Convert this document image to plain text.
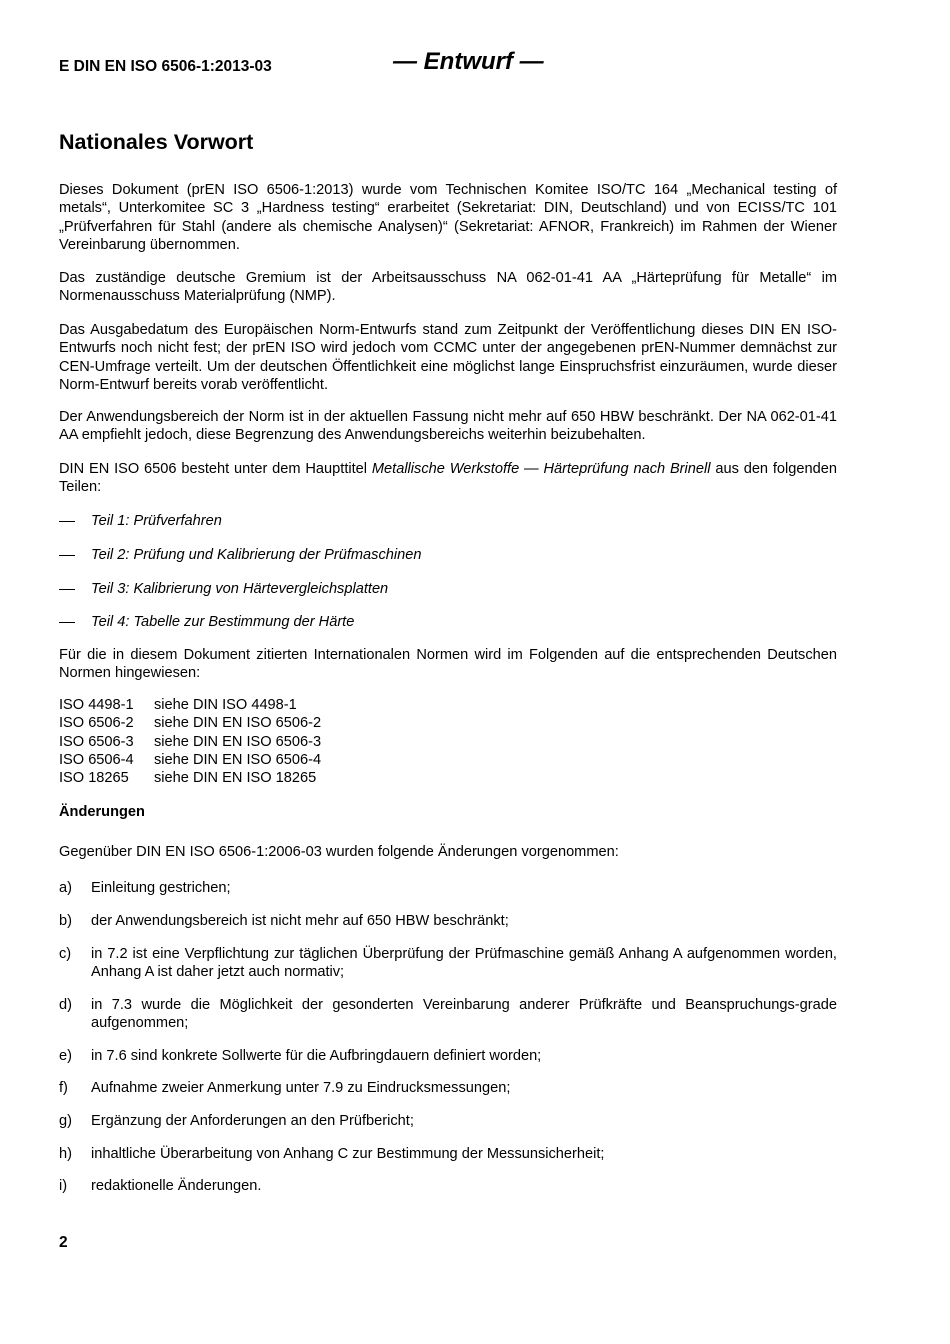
E DIN EN ISO 6506-1:2013-03	— Entwurf —
Nationales Vorwort

Dieses Dokument (prEN ISO 6506-1:2013) wurde vom Technischen Komitee ISO/TC 164 „Mechanical testing of metals“, Unterkomitee SC 3 „Hardness testing“ erarbeitet (Sekretariat: DIN, Deutschland) und von ECISS/TC 101 „Prüfverfahren für Stahl (andere als chemische Analysen)“ (Sekretariat: AFNOR, Frankreich) im Rahmen der Wiener Vereinbarung übernommen.

Das zuständige deutsche Gremium ist der Arbeitsausschuss NA 062-01-41 AA „Härteprüfung für Metalle“ im Normenausschuss Materialprüfung (NMP).

Das Ausgabedatum des Europäischen Norm-Entwurfs stand zum Zeitpunkt der Veröffentlichung dieses DIN EN ISO-Entwurfs noch nicht fest; der prEN ISO wird jedoch vom CCMC unter der angegebenen prEN-Nummer demnächst zur CEN-Umfrage verteilt. Um der deutschen Öffentlichkeit eine möglichst lange Einspruchsfrist einzuräumen, wurde dieser Norm-Entwurf bereits vorab veröffentlicht.

Der Anwendungsbereich der Norm ist in der aktuellen Fassung nicht mehr auf 650 HBW beschränkt. Der NA 062-01-41 AA empfiehlt jedoch, diese Begrenzung des Anwendungsbereichs weiterhin beizubehalten.

DIN EN ISO 6506 besteht unter dem Haupttitel Metallische Werkstoffe — Härteprüfung nach Brinell aus den folgenden Teilen:

Teil 1: Prüfverfahren
Teil 2: Prüfung und Kalibrierung der Prüfmaschinen
Teil 3: Kalibrierung von Härtevergleichsplatten
Teil 4: Tabelle zur Bestimmung der Härte

Für die in diesem Dokument zitierten Internationalen Normen wird im Folgenden auf die entsprechenden Deutschen Normen hingewiesen:

ISO 4498-1 siehe DIN ISO 4498-1
ISO 6506-2 siehe DIN EN ISO 6506-2
ISO 6506-3 siehe DIN EN ISO 6506-3
ISO 6506-4 siehe DIN EN ISO 6506-4
ISO 18265 siehe DIN EN ISO 18265
Änderungen

Gegenüber DIN EN ISO 6506-1:2006-03 wurden folgende Änderungen vorgenommen:

a) Einleitung gestrichen;
b) der Anwendungsbereich ist nicht mehr auf 650 HBW beschränkt;
c) in 7.2 ist eine Verpflichtung zur täglichen Überprüfung der Prüfmaschine gemäß Anhang A aufgenommen worden, Anhang A ist daher jetzt auch normativ;
d) in 7.3 wurde die Möglichkeit der gesonderten Vereinbarung anderer Prüfkräfte und Beanspruchungs-grade aufgenommen;
e) in 7.6 sind konkrete Sollwerte für die Aufbringdauern definiert worden;
f) Aufnahme zweier Anmerkung unter 7.9 zu Eindrucksmessungen;
g) Ergänzung der Anforderungen an den Prüfbericht;
h) inhaltliche Überarbeitung von Anhang C zur Bestimmung der Messunsicherheit;
i) redaktionelle Änderungen.
2
